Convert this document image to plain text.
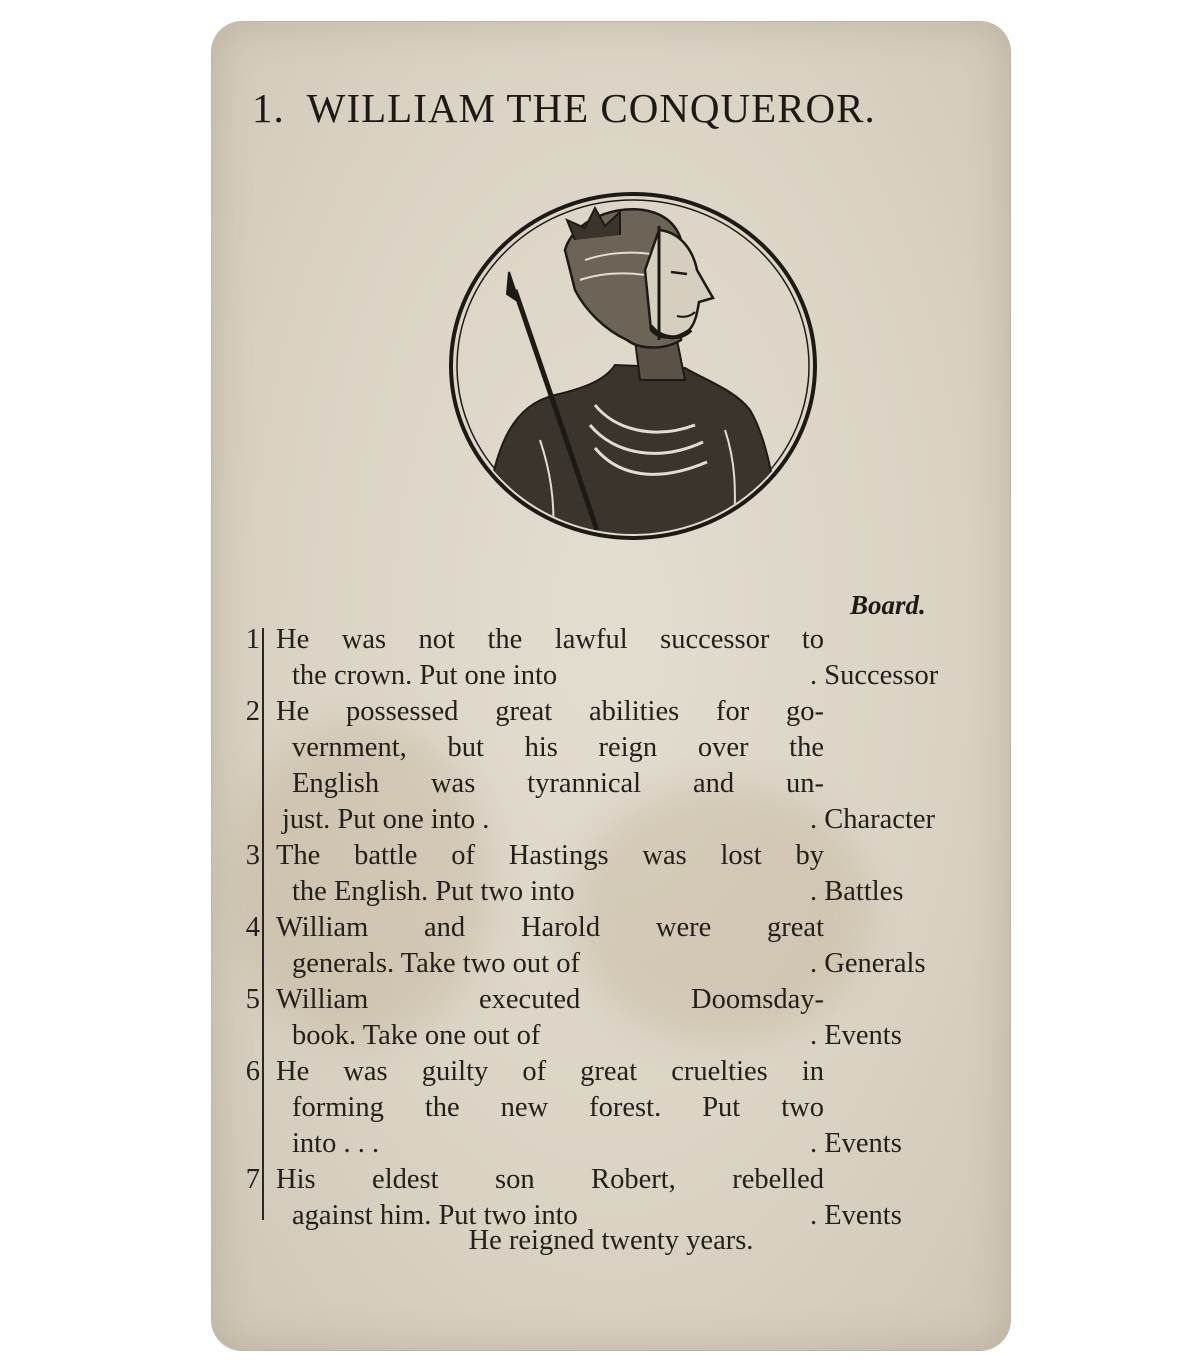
1. WILLIAM THE CONQUEROR.
Board.
1 He was not the lawful successor to
the crown. Put one into	. Successor
2 He possessed great abilities for go-
vernment, but his reign over the
English was tyrannical and un-
just. Put one into .	. Character
3 The battle of Hastings was lost by
the English. Put two into	. Battles
4 William and Harold were great
generals. Take two out of	. Generals
5 William executed Doomsday-
book. Take one out of	. Events
6 He was guilty of great cruelties in
forming the new forest. Put two
into . . .	. Events
7 His eldest son Robert, rebelled
against him. Put two into	. Events
He reigned twenty years.
